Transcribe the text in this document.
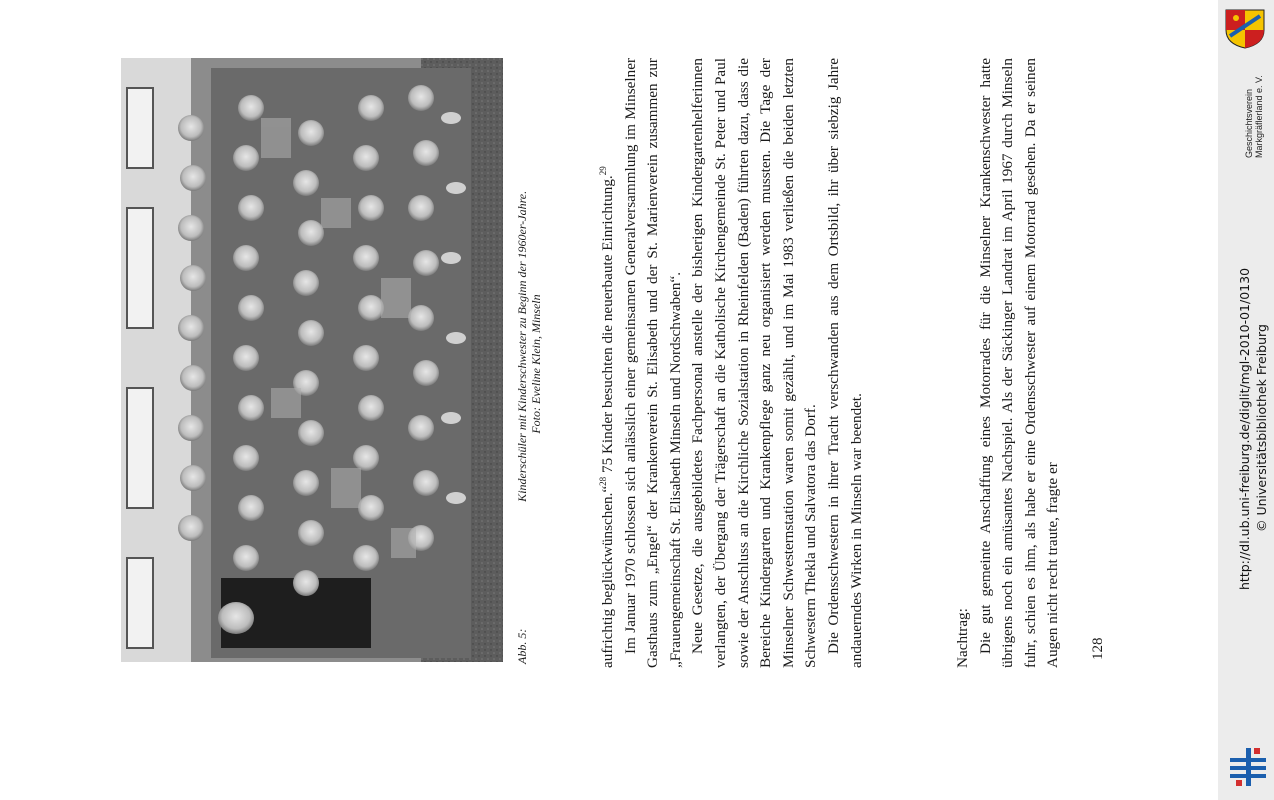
Abb. 5:
Kinderschüler mit Kinderschwester zu Beginn der 1960er-Jahre. Foto: Eveline Klein, Minseln

aufrichtig beglückwünschen.“$^{28}$ 75 Kinder besuchten die neuerbaute Einrichtung.$^{29}$ Im Januar 1970 schlossen sich anlässlich einer gemeinsamen Generalversammlung im Minselner Gasthaus zum „Engel“ der Krankenverein St. Elisabeth und der St. Marienverein zusammen zur „Frauengemeinschaft St. Elisabeth Minseln und Nordschwaben“. Neue Gesetze, die ausgebildetes Fachpersonal anstelle der bisherigen Kindergartenhelferinnen verlangten, der Übergang der Trägerschaft an die Katholische Kirchengemeinde St. Peter und Paul sowie der Anschluss an die Kirchliche Sozialstation in Rheinfelden (Baden) führten dazu, dass die Bereiche Kindergarten und Krankenpflege ganz neu organisiert werden mussten. Die Tage der Minselner Schwesternstation waren somit gezählt, und im Mai 1983 verließen die beiden letzten Schwestern Thekla und Salvatora das Dorf. Die Ordensschwestern in ihrer Tracht verschwanden aus dem Ortsbild, ihr über siebzig Jahre andauerndes Wirken in Minseln war beendet.	Nachtrag: Die gut gemeinte Anschaffung eines Motorrades für die Minselner Krankenschwester hatte übrigens noch ein amüsantes Nachspiel. Als der Säckinger Landrat im April 1967 durch Minseln fuhr, schien es ihm, als habe er eine Ordensschwester auf einem Motorrad gesehen. Da er seinen Augen nicht recht traute, fragte er 128
Geschichtsverein Markgräflerland e. V.
http://dl.ub.uni-freiburg.de/diglit/mgl-2010-01/0130 © Universitätsbibliothek Freiburg
